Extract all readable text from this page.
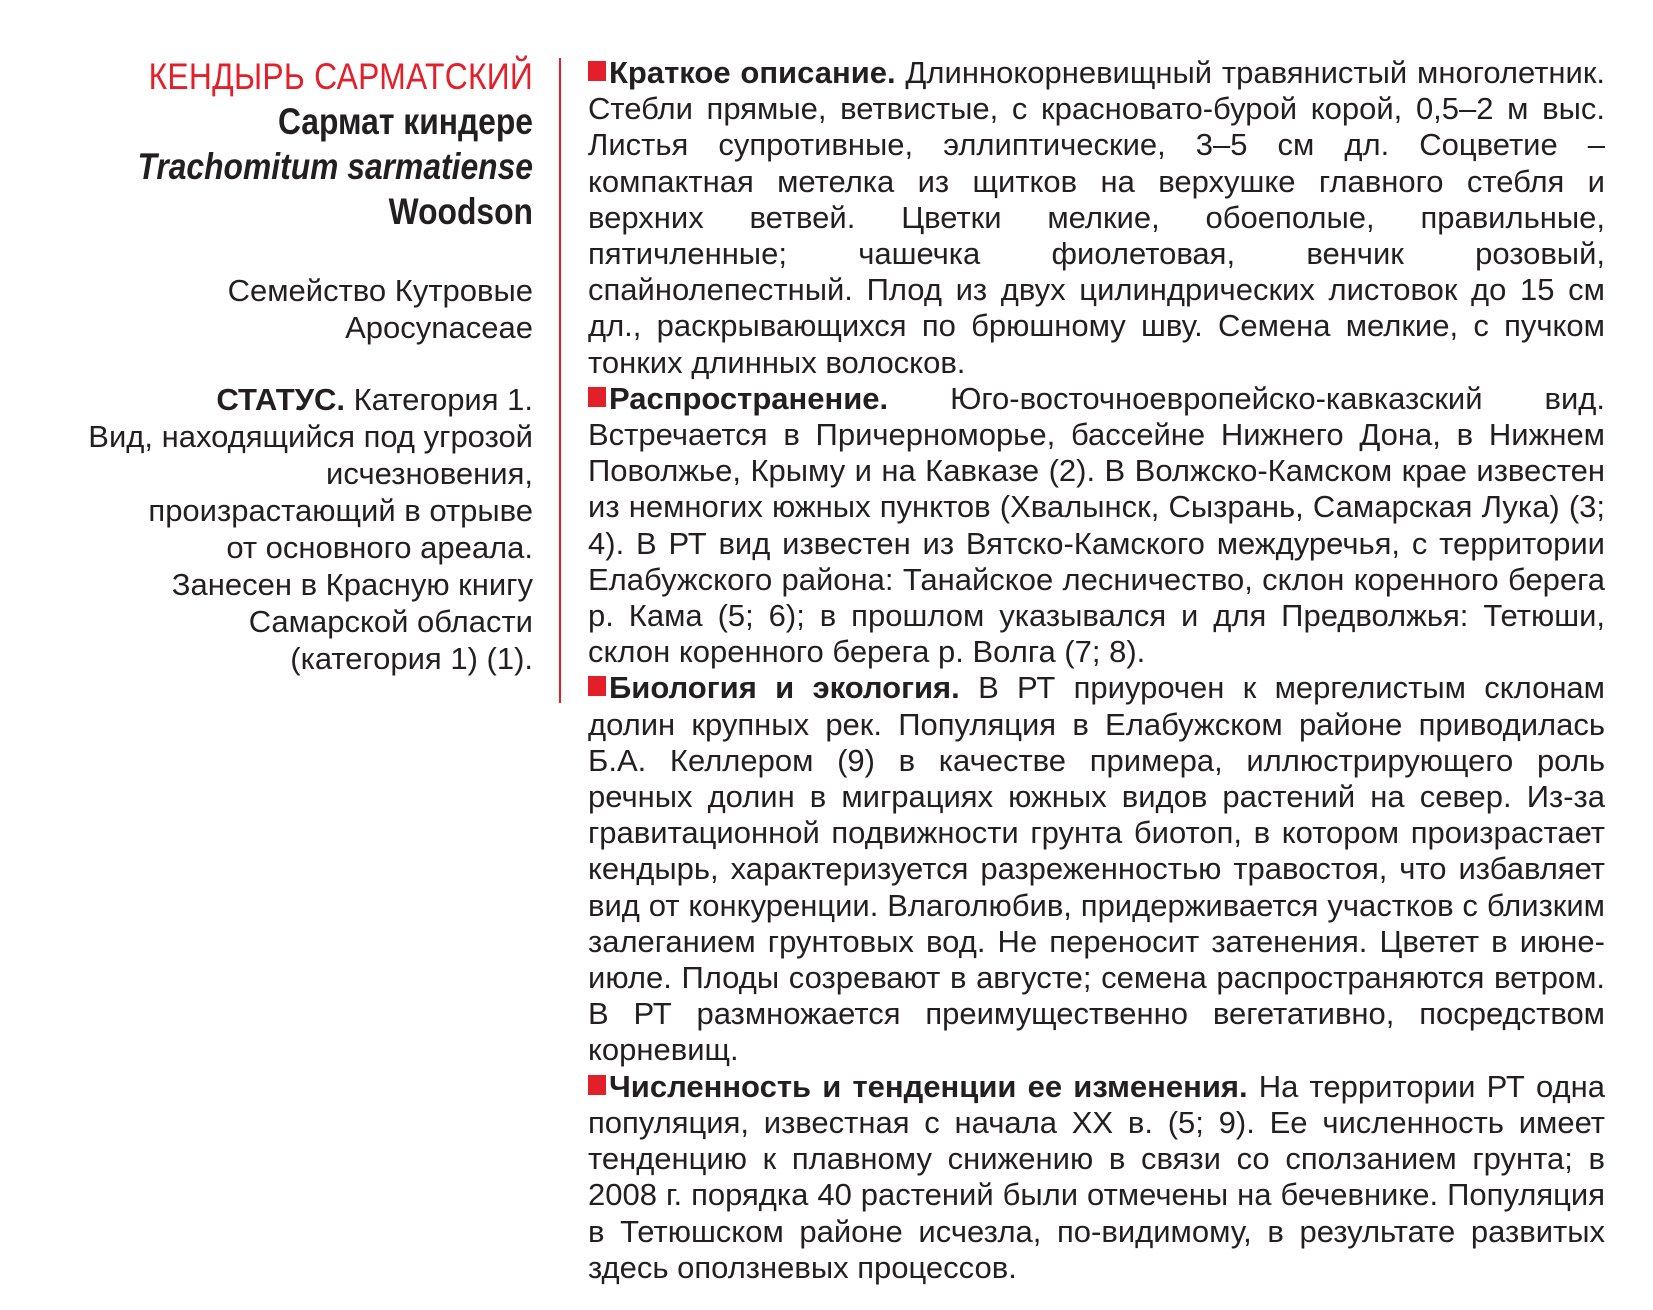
КЕНДЫРЬ САРМАТСКИЙ
Сармат киндере
Trachomitum sarmatiense
Woodson
Семейство Кутровые
Apocynaceae
СТАТУС. Категория 1.
Вид, находящийся под угрозой
исчезновения,
произрастающий в отрыве
от основного ареала.
Занесен в Красную книгу
Самарской области
(категория 1) (1).

Краткое описание. Длиннокорневищный травянистый многолетник. Стебли прямые, ветвистые, с красновато-бурой корой, 0,5–2 м выс. Листья супротивные, эллиптические, 3–5 см дл. Соцветие – компактная метелка из щитков на верхушке главного стебля и верхних ветвей. Цветки мелкие, обоеполые, правильные, пятичленные; чашечка фиолетовая, венчик розовый, спайнолепестный. Плод из двух цилиндрических листовок до 15 см дл., раскрывающихся по брюшному шву. Семена мелкие, с пучком тонких длинных волосков.

Распространение. Юго-восточноевропейско-кавказский вид. Встречается в Причерноморье, бассейне Нижнего Дона, в Нижнем Поволжье, Крыму и на Кавказе (2). В Волжско-Камском крае известен из немногих южных пунктов (Хвалынск, Сызрань, Самарская Лука) (3; 4). В РТ вид известен из Вятско-Камского междуречья, с территории Елабужского района: Танайское лесничество, склон коренного берега р. Кама (5; 6); в прошлом указывался и для Предволжья: Тетюши, склон коренного берега р. Волга (7; 8).

Биология и экология. В РТ приурочен к мергелистым склонам долин крупных рек. Популяция в Елабужском районе приводилась Б.А. Келлером (9) в качестве примера, иллюстрирующего роль речных долин в миграциях южных видов растений на север. Из-за гравитационной подвижности грунта биотоп, в котором произрастает кендырь, характеризуется разреженностью травостоя, что избавляет вид от конкуренции. Влаголюбив, придерживается участков с близким залеганием грунтовых вод. Не переносит затенения. Цветет в июне-июле. Плоды созревают в августе; семена распространяются ветром. В РТ размножается преимущественно вегетативно, посредством корневищ.

Численность и тенденции ее изменения. На территории РТ одна популяция, известная с начала XX в. (5; 9). Ее численность имеет тенденцию к плавному снижению в связи со сползанием грунта; в 2008 г. порядка 40 растений были отмечены на бечевнике. Популяция в Тетюшском районе исчезла, по-видимому, в результате развитых здесь оползневых процессов.
